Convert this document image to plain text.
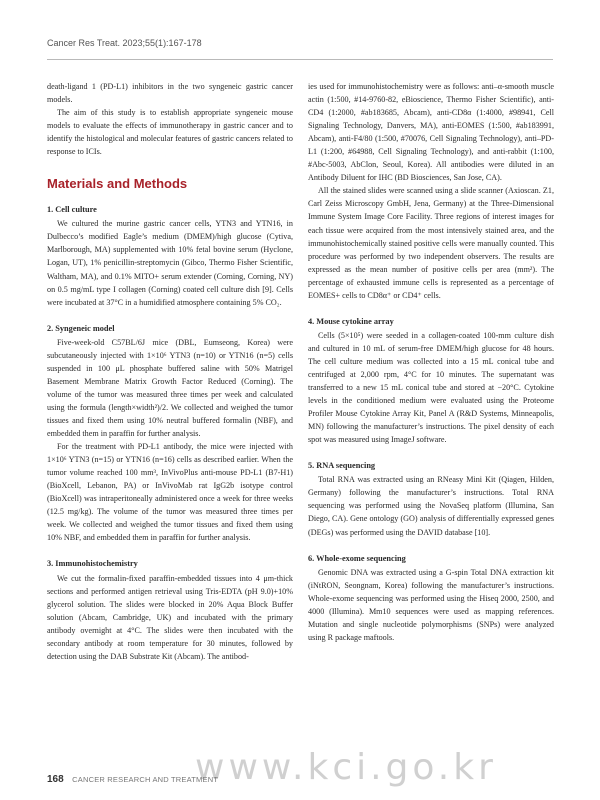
Cancer Res Treat. 2023;55(1):167-178

death-ligand 1 (PD-L1) inhibitors in the two syngeneic gastric cancer models.

The aim of this study is to establish appropriate syngeneic mouse models to evaluate the effects of immunotherapy in gastric cancer and to identify the histological and molecular features of gastric cancers related to response to ICIs.

Materials and Methods
1. Cell culture

We cultured the murine gastric cancer cells, YTN3 and YTN16, in Dulbecco’s modified Eagle’s medium (DMEM)/high glucose (Cytiva, Marlborough, MA) supplemented with 10% fetal bovine serum (Hyclone, Logan, UT), 1% penicillin-streptomycin (Gibco, Thermo Fisher Scientific, Waltham, MA), and 0.1% MITO+ serum extender (Corning, Corning, NY) on 0.5 mg/mL type I collagen (Corning) coated cell culture dish [9]. Cells were incubated at 37°C in a humidified atmosphere containing 5% CO₂.

2. Syngeneic model

Five-week-old C57BL/6J mice (DBL, Eumseong, Korea) were subcutaneously injected with 1×10⁶ YTN3 (n=10) or YTN16 (n=5) cells suspended in 100 μL phosphate buffered saline with 50% Matrigel Basement Membrane Matrix Growth Factor Reduced (Corning). The volume of the tumor was measured three times per week and calculated using the formula (length×width²)/2. We collected and weighed the tumor tissues and fixed them using 10% neutral buffered formalin (NBF), and embedded them in paraffin for further analysis.

For the treatment with PD-L1 antibody, the mice were injected with 1×10⁶ YTN3 (n=15) or YTN16 (n=16) cells as described earlier. When the tumor volume reached 100 mm³, InVivoPlus anti-mouse PD-L1 (B7-H1) (BioXcell, Lebanon, PA) or InVivoMab rat IgG2b isotype control (BioXcell) was intraperitoneally administered once a week for three weeks (12.5 mg/kg). The volume of the tumor was measured three times per week. We collected and weighed the tumor tissues and fixed them using 10% NBF, and embedded them in paraffin for further analysis.

3. Immunohistochemistry

We cut the formalin-fixed paraffin-embedded tissues into 4 μm-thick sections and performed antigen retrieval using Tris-EDTA (pH 9.0)+10% glycerol solution. The slides were blocked in 20% Aqua Block Buffer solution (Abcam, Cambridge, UK) and incubated with the primary antibody overnight at 4°C. The slides were then incubated with the secondary antibody at room temperature for 30 minutes, followed by detection using the DAB Substrate Kit (Abcam). The antibod-

ies used for immunohistochemistry were as follows: anti–α-smooth muscle actin (1:500, #14-9760-82, eBioscience, Thermo Fisher Scientific), anti-CD4 (1:2000, #ab183685, Abcam), anti-CD8α (1:4000, #98941, Cell Signaling Technology, Danvers, MA), anti-EOMES (1:500, #ab183991, Abcam), anti-F4/80 (1:500, #70076, Cell Signaling Technology), anti–PD-L1 (1:200, #64988, Cell Signaling Technology), and anti-rabbit (1:100, #Abc-5003, AbClon, Seoul, Korea). All antibodies were diluted in an Antibody Diluent for IHC (BD Biosciences, San Jose, CA).

All the stained slides were scanned using a slide scanner (Axioscan. Z1, Carl Zeiss Microscopy GmbH, Jena, Germany) at the Three-Dimensional Immune System Image Core Facility. Three regions of interest images for each tissue were acquired from the most intensively stained area, and the immunohistochemically stained positive cells were manually counted. This procedure was performed by two independent observers. The results are expressed as the mean number of positive cells per area (mm²). The percentage of exhausted immune cells is represented as a percentage of EOMES+ cells to CD8α⁺ or CD4⁺ cells.

4. Mouse cytokine array

Cells (5×10⁵) were seeded in a collagen-coated 100-mm culture dish and cultured in 10 mL of serum-free DMEM/high glucose for 48 hours. The cell culture medium was collected into a 15 mL conical tube and centrifuged at 2,000 rpm, 4°C for 10 minutes. The supernatant was transferred to a new 15 mL conical tube and stored at −20°C. Cytokine levels in the conditioned medium were evaluated using the Proteome Profiler Mouse Cytokine Array Kit, Panel A (R&D Systems, Minneapolis, MN) following the manufacturer’s instructions. The pixel density of each spot was measured using ImageJ software.

5. RNA sequencing

Total RNA was extracted using an RNeasy Mini Kit (Qiagen, Hilden, Germany) following the manufacturer’s instructions. Total RNA sequencing was performed using the NovaSeq platform (Illumina, San Diego, CA). Gene ontology (GO) analysis of differentially expressed genes (DEGs) was performed using the DAVID database [10].

6. Whole-exome sequencing

Genomic DNA was extracted using a G-spin Total DNA extraction kit (iNtRON, Seongnam, Korea) following the manufacturer’s instructions. Whole-exome sequencing was performed using the Hiseq 2000, 2500, and 4000 (Illumina). Mm10 sequences were used as mapping references. Mutation and single nucleotide polymorphisms (SNPs) were analyzed using R package maftools.

www.kci.go.kr
168 CANCER RESEARCH AND TREATMENT
